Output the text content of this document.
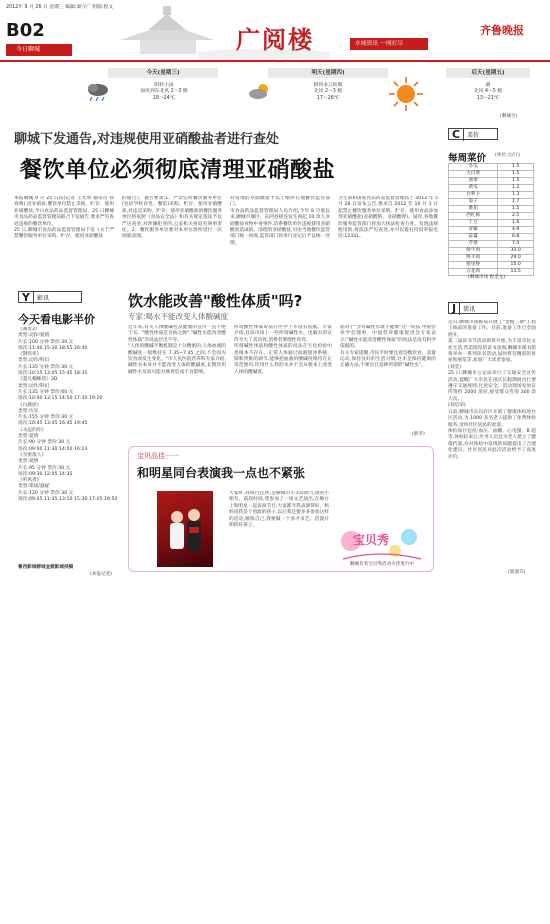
2012年 9 月 26 日 星期三 编辑:秦守广 组版:程文
B02
今日聊城	广阅楼	水城资讯 一网打尽
齐鲁晚报
今天(星期三)
阴转小雨
南风到东北风 2～3 级
18～24℃
明天(星期四)
阴到多云转晴
北风 2～3 级
17～26℃
后天(星期五)
晴
北风 4～5 级
13～21℃
(聊城台)
聊城下发通告,对违规使用亚硝酸盐者进行查处
餐饮单位必须彻底清理亚硝酸盐
本报聊城 9 月 25 日讯(记者 王光明 通讯员 孙春燕) 因亚硝盐,餐饮单位禁止采购、贮存、使用亚硝酸盐,今日食品药品监督管理局、25 日聊城市食品药品监督管理局联合下发通告,要求严厉查处违规的餐饮单位。
25 日,聊城市食品药品监督管理局下发《关于严禁餐饮服务单位采购、贮存、使用亚硝酸盐
的通告》。通告要求:1、严禁任何餐饮服务单位(包括学校食堂、餐馆)采购、贮存、使用亚硝酸盐,对违反采购、贮存、使用亚硝酸盐的餐饮服务单位将依照《食品安全法》和有关规定依法予以严厉查处,对涉嫌犯罪的,公安机关将追究刑事责任。2、餐饮服务单位要对本单位场所进行一次彻底清理,
对发现的亚硝酸盐予以上缴所在地餐饮监管部门。
市食品药品监督管理局人员介绍,今年 8 月底以来,聊城市城区、东阿县接连发生两起 10 余人亚硝酸盐食物中毒事件,均系餐饮单位违规使用亚硝酸盐造成的。清理的亚硝酸盐,可由当地餐饮监管部门统一回收,监管部门将进行登记后予以统一处理。
卫生部和国家食品药品监督管理局于 2012 年 5 月 28 日发布公告,要求自 2012 年 10 月 1 日起禁止餐饮服务单位采购、贮存、使用食品添加剂亚硝酸盐(亚硝酸钠、亚硝酸钾)。届时,各地餐饮服务监管部门将加大执法检查力度。发现违规使用的,将依法严厉查处,并可以拨打投诉举报电话:12331。
Y	影讯
今天看电影半价
《画皮2》
类型:动作/爱情
片长:100 分钟 票价:30 元
场次:11:40 15:30 18:55 20:40
《钢铁侠》
类型:动作/科幻
片长:135 分钟 票价:30 元
场次:10:15 13:05 15:45 18:35
《超凡蜘蛛侠》3D
类型:动作/科幻
片长:135 分钟 票价:60 元
场次:10:00 13:15 14:50 17:30 19:20
《白鹿原》
类型:历史
片长:155 分钟 票价:30 元
场次:10:45 13:45 16:45 19:45
《永远的你》
类型:爱情
片长:90 分钟 票价:30 元
场次:09:00 11:30 14:50 16:23
《亲密敌人》
类型:爱情
片长:95 分钟 票价:30 元
场次:09:30 12:05 14:35
《听风者》
类型:谍战/悬疑
片长:120 分钟 票价:30 元
场次:09:45 11:35 13:10 15:30 17:05 19:50
鲁西影城聊城金鼎影城供稿
(本报记者)
饮水能改善"酸性体质"吗?
专家:喝水不能改变人体酸碱度
近年来,有关人体酸碱性及健康的宣传一直不绝于耳。"酸性体质是百病之源","碱性水能改善酸性体质"等说法层出不穷。
"人体的酸碱平衡机制是十分精密的,人体血液的酸碱度一般维持在 7.35~7.45 之间,不会因为饮食而发生变化。"市人民医院营养科专家介绍,碱性水本身并不能改变人体的酸碱度,长期饮用碱性水反而可能对肠胃造成不良影响。
所谓酸性体质说法在医学上并没有依据。专家介绍,目前市场上一些所谓碱性水、电解水的宣传夸大了其功效,消费者要理性看待。
所谓碱性体质和酸性体质的说法在生化检验中也根本不存在。正常人体通过血液缓冲系统、肺和肾脏的调节,能够把血液的酸碱度维持在正常范围内,饮用什么样的水并不会从根本上改变人体的酸碱度。
面对于"含有碱性水就不健康"这一说法,中国营养学会理事、中国营养健康促进会专家表示:"碱性水能改善酸性体质"的说法是没有科学依据的。
有关专家提醒,市民平时要注意均衡饮食、适量运动,保持良好的生活习惯,这才是保持健康的正确方法,不要盲目追捧所谓的"碱性水"。
(新华)
宝贝品佳一一
和明星同台表演我一点也不紧张
大家好,我叫白佳欣,是聊城市小太阳幼儿园的小朋友。前段时间,我参加了一场文艺演出,在舞台上和明星一起表演节目,大家都夸我表演得好。妈妈说我是个勇敢的孩子,以后我还要多多参加这样的活动,锻炼自己,我要做一个多才多艺、活泼开朗的好孩子。
宝贝秀
聊城有奖宝贝秀活动火热进行中
C	菜价
每周菜价 (单位:元/斤)
冬瓜	1.5
大白菜	1.5
油菜	1.5
黄瓜	1.2
白萝卜	1.3
茄子	1.7
番茄	1.5
西红柿	2.5
土豆	1.6
青椒	4.9
蒜薹	6.8
芹菜	7.0
鲜牛肉	33.0
鲜羊肉	29.0
猪里脊	15.0
五花肉	11.5
(聊城市场 程金龙)
J	简讯
近日,聊城市国税局开展了"金税三期"工程上线前的准备工作。目前,准备工作已全面展开。
第二届读书节活动即将开始,为丰富市民文化生活,营造浓厚的读书氛围,聊城市图书馆将举办一系列读书活动,届时将有精彩的讲座和展览等,欢迎广大读者参加。
(刘莹)
25 日,聊城市公安局举行了交通安全宣传活动,提醒广大市民在国庆长假期间出行要遵守交通规则,注意安全。活动现场发放宣传资料 2000 余份,接受群众咨询 300 余人次。
(刘启荣)
日前,聊城市东昌府区开展了健康体检进社区活动,为 1000 多名老人提供了免费体检服务,受到社区居民的欢迎。
体检项目包括:血压、血糖、心电图、B 超等,体检结束后,医务人员还为老人建立了健康档案,并对体检中发现的问题提出了合理化建议。社区居民对此次活动给予了高度评价。
(郭淑芬)
